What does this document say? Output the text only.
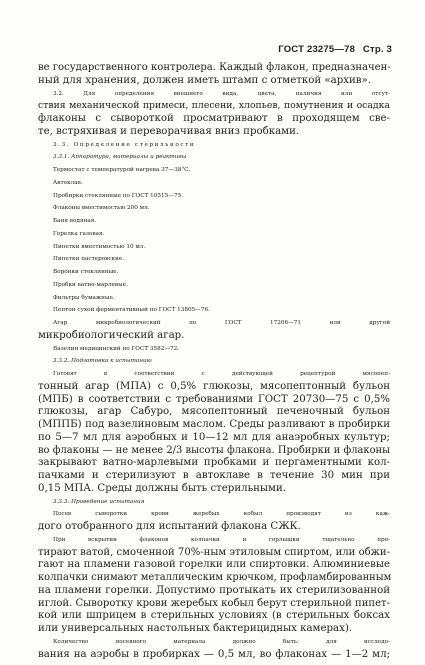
ГОСТ 23275—78 Стр. 3
ве государственного контролера. Каждый флакон, предназначен-
ный для хранения, должен иметь штамп с отметкой «архив».
3.2. Для определения внешнего вида, цвета, наличия или отсут-
ствия механической примеси, плесени, хлопьев, помутнения и осадка
флаконы с сывороткой просматривают в проходящем све-
те, встряхивая и переворачивая вниз пробками.
3.3. Определение стерильности
3.3.1. Аппаратура, материалы и реактивы
Термостат с температурой нагрева 37—38°С.
Автоклав.
Пробирки стеклянные по ГОСТ 10515—75.
Флаконы вместимостью 200 мл.
Баня водяная.
Горелка газовая.
Пипетки вместимостью 10 мл.
Пипетки пастеровские.
Воронки стеклянные.
Пробки ватно-марлевые.
Фильтры бумажные.
Пептон сухой ферментативный по ГОСТ 13805—76.
Агар микробиологический по ГОСТ 17206—71 или другой
микробиологический агар.
Вазелин медицинский по ГОСТ 3582—72.
3.3.2. Подготовка к испытанию
Готовят в соответствии с действующей рецептурой мясопеп-
тонный агар (МПА) с 0,5% глюкозы, мясопептонный бульон
(МПБ) в соответствии с требованиями ГОСТ 20730—75 с 0,5%
глюкозы, агар Сабуро, мясопептонный печеночный бульон
(МППБ) под вазелиновым маслом. Среды разливают в пробирки
по 5—7 мл для аэробных и 10—12 мл для анаэробных культур;
во флаконы — не менее 2/3 высоты флакона. Пробирки и флаконы
закрывают ватно-марлевыми пробками и пергаментными кол-
пачками и стерилизуют в автоклаве в течение 30 мин при
0,15 МПА. Среды должны быть стерильными.
3.3.3. Проведение испытания
Посев сыворотки крови жеребых кобыл производят из каж-
дого отобранного для испытаний флакона СЖК.
При вскрытии флаконов колпачки и горлышки тщательно про-
тирают ватой, смоченной 70%-ным этиловым спиртом, или обжи-
гают на пламени газовой горелки или спиртовки. Алюминиевые
колпачки снимают металлическим крючком, профламбированным
на пламени горелки. Допустимо протыкать их стерилизованной
иглой. Сыворотку крови жеребых кобыл берут стерильной пипет-
кой или шприцем в стерильных условиях (в стерильных боксах
или универсальных настольных бактерицидных камерах).
Количество посевного материала должно быть: для исследо-
вания на аэробы в пробирках — 0,5 мл, во флаконах — 1—2 мл;
